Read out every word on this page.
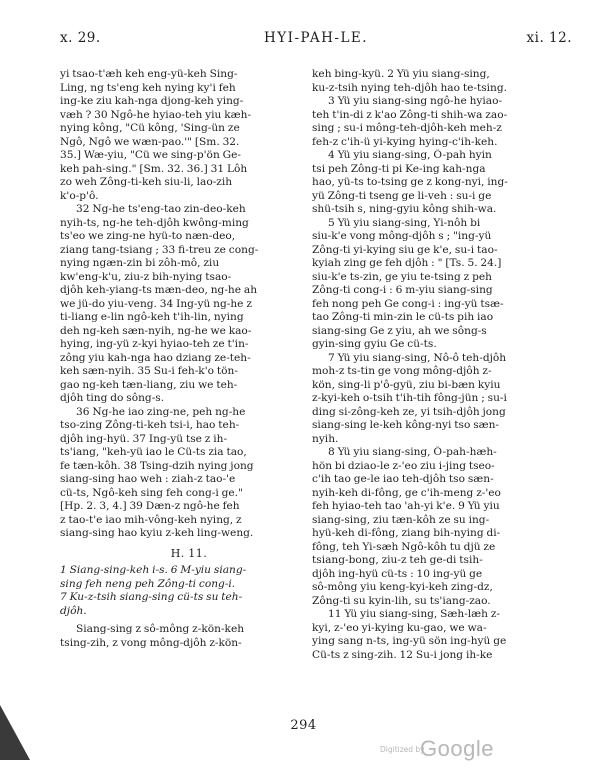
x. 29.	HYI-PAH-LE.	xi. 12.
yi tsao-t'æh keh eng-yü-keh Sing-
Ling, ng ts'eng keh nying ky'i feh
ing-ke ziu kah-nga djong-keh ying-
væh ? 30 Ngô-he hyiao-teh yiu kæh-
nying kông, "Cü kông, 'Sing-ün ze
Ngô, Ngô we wæn-pao.'" [Sm. 32.
35.] Wæ-yiu, "Cü we sing-p'ön Ge-
keh pah-sing." [Sm. 32. 36.] 31 Lôh
zo weh Zông-ti-keh siu-li, lao-zih
k'o-p'ô.
32 Ng-he ts'eng-tao zin-deo-keh
nyih-ts, ng-he teh-djôh kwông-ming
ts'eo we zing-ne hyü-to næn-deo,
ziang tang-tsiang ; 33 fi-treu ze cong-
nying ngæn-zin bi zôh-mô, ziu
kw'eng-k'u, ziu-z bih-nying tsao-
djôh keh-yiang-ts mæn-deo, ng-he ah
we jü-do yiu-veng. 34 Ing-yü ng-he z
ti-liang e-lin ngô-keh t'ih-lin, nying
deh ng-keh sæn-nyih, ng-he we kao-
hying, ing-yü z-kyi hyiao-teh ze t'in-
zông yiu kah-nga hao dziang ze-teh-
keh sæn-nyih. 35 Su-i feh-k'o tön-
gao ng-keh tæn-liang, ziu we teh-
djôh ting do sông-s.
36 Ng-he iao zing-ne, peh ng-he
tso-zing Zông-ti-keh tsi-i, hao teh-
djôh ing-hyü. 37 Ing-yü tse z ih-
ts'iang, "keh-yü iao le Cü-ts zia tao,
fe tæn-kôh. 38 Tsing-dzih nying jong
siang-sing hao weh : ziah-z tao-'e
cü-ts, Ngô-keh sing feh cong-i ge."
[Hp. 2. 3, 4.] 39 Dæn-z ngô-he feh
z tao-t'e iao mih-vông-keh nying, z
siang-sing hao kyiu z-keh ling-weng.
H. 11.
1 Siang-sing-keh i-s. 6 M-yiu siang-
sing feh neng peh Zông-ti cong-i.
7 Ku-z-tsih siang-sing cü-ts su teh-
djôh.
Siang-sing z sô-mông z-kön-keh
tsing-zih, z vong mông-djôh z-kön-
keh bing-kyü. 2 Yü yiu siang-sing,
ku-z-tsih nying teh-djôh hao te-tsing.
3 Yü yiu siang-sing ngô-he hyiao-
teh t'in-di z k'ao Zông-ti shih-wa zao-
sing ; su-i mông-teh-djôh-keh meh-z
feh-z c'ih-ü yi-kying hying-c'ih-keh.
4 Yü yiu siang-sing, Ô-pah hyin
tsi peh Zông-ti pi Ke-ing kah-nga
hao, yü-ts to-tsing ge z kong-nyi, ing-
yü Zông-ti tseng ge li-veh : su-i ge
shü-tsih s, ning-gyiu kông shih-wa.
5 Yü yiu siang-sing, Yi-nôh bi
siu-k'e vong mông-djôh s ; "ing-yü
Zông-ti yi-kying siu ge k'e, su-i tao-
kyiah zing ge feh djôh : " [Ts. 5. 24.]
siu-k'e ts-zin, ge yiu te-tsing z peh
Zông-ti cong-i : 6 m-yiu siang-sing
feh nong peh Ge cong-i : ing-yü tsæ-
tao Zông-ti min-zin le cü-ts pih iao
siang-sing Ge z yiu, ah we sông-s
gyin-sing gyiu Ge cü-ts.
7 Yü yiu siang-sing, Nô-ô teh-djôh
moh-z ts-tin ge vong mông-djôh z-
kön, sing-li p'ô-gyü, ziu bi-bæn kyiu
z-kyi-keh o-tsih t'ih-tih fông-jün ; su-i
ding si-zông-keh ze, yi tsih-djôh jong
siang-sing le-keh kông-nyi tso sæn-
nyih.
8 Yü yiu siang-sing, Ô-pah-hæh-
hön bi dziao-le z-'eo ziu i-jing tseo-
c'ih tao ge-le iao teh-djôh tso sæn-
nyih-keh di-fông, ge c'ih-meng z-'eo
feh hyiao-teh tao 'ah-yi k'e. 9 Yü yiu
siang-sing, ziu tæn-kôh ze su ing-
hyü-keh di-fông, ziang bih-nying di-
fông, teh Yi-sæh Ngô-kôh tu djü ze
tsiang-bong, ziu-z teh ge-di tsih-
djôh ing-hyü cü-ts : 10 ing-yü ge
sô-mông yiu keng-kyi-keh zing-dz,
Zông-ti su kyin-lih, su ts'iang-zao.
11 Yü yiu siang-sing, Sæh-læh z-
kyi, z-'eo yi-kying ku-gao, we wa-
ying sang n-ts, ing-yü sön ing-hyü ge
Cü-ts z sing-zih. 12 Su-i jong ih-ke
294
Digitized by
Google
